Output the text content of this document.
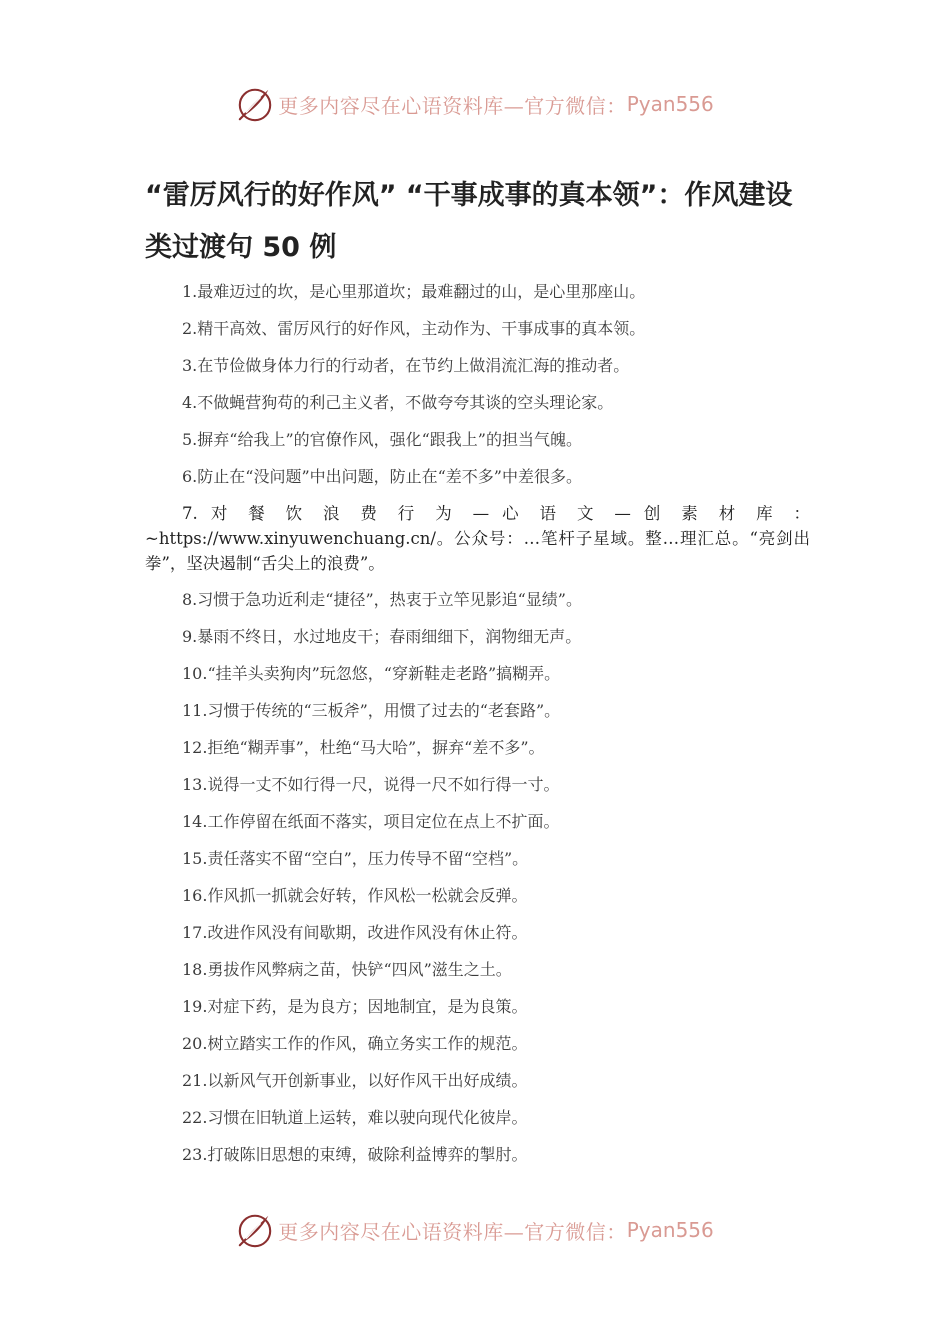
更多内容尽在心语资料库—官方微信： Pyan556
“雷厉风行的好作风” “干事成事的真本领”：作风建设类过渡句 50 例
1.最难迈过的坎，是心里那道坎；最难翻过的山，是心里那座山。
2.精干高效、雷厉风行的好作风，主动作为、干事成事的真本领。
3.在节俭做身体力行的行动者，在节约上做涓流汇海的推动者。
4.不做蝇营狗苟的利己主义者，不做夸夸其谈的空头理论家。
5.摒弃“给我上”的官僚作风，强化“跟我上”的担当气魄。
6.防止在“没问题”中出问题，防止在“差不多”中差很多。
7. 对 餐 饮 浪 费 行 为 — 心 语 文 — 创 素 材 库 ： ~https://www.xinyuwenchuang.cn/。公众号：…笔杆子星域。整…理汇总。“亮剑出拳”，坚决遏制“舌尖上的浪费”。
8.习惯于急功近利走“捷径”，热衷于立竿见影追“显绩”。
9.暴雨不终日，水过地皮干；春雨细细下，润物细无声。
10.“挂羊头卖狗肉”玩忽悠，“穿新鞋走老路”搞糊弄。
11.习惯于传统的“三板斧”，用惯了过去的“老套路”。
12.拒绝“糊弄事”，杜绝“马大哈”，摒弃“差不多”。
13.说得一丈不如行得一尺，说得一尺不如行得一寸。
14.工作停留在纸面不落实，项目定位在点上不扩面。
15.责任落实不留“空白”，压力传导不留“空档”。
16.作风抓一抓就会好转，作风松一松就会反弹。
17.改进作风没有间歇期，改进作风没有休止符。
18.勇拔作风弊病之苗，快铲“四风”滋生之土。
19.对症下药，是为良方；因地制宜，是为良策。
20.树立踏实工作的作风，确立务实工作的规范。
21.以新风气开创新事业，以好作风干出好成绩。
22.习惯在旧轨道上运转，难以驶向现代化彼岸。
23.打破陈旧思想的束缚，破除利益博弈的掣肘。
更多内容尽在心语资料库—官方微信： Pyan556
